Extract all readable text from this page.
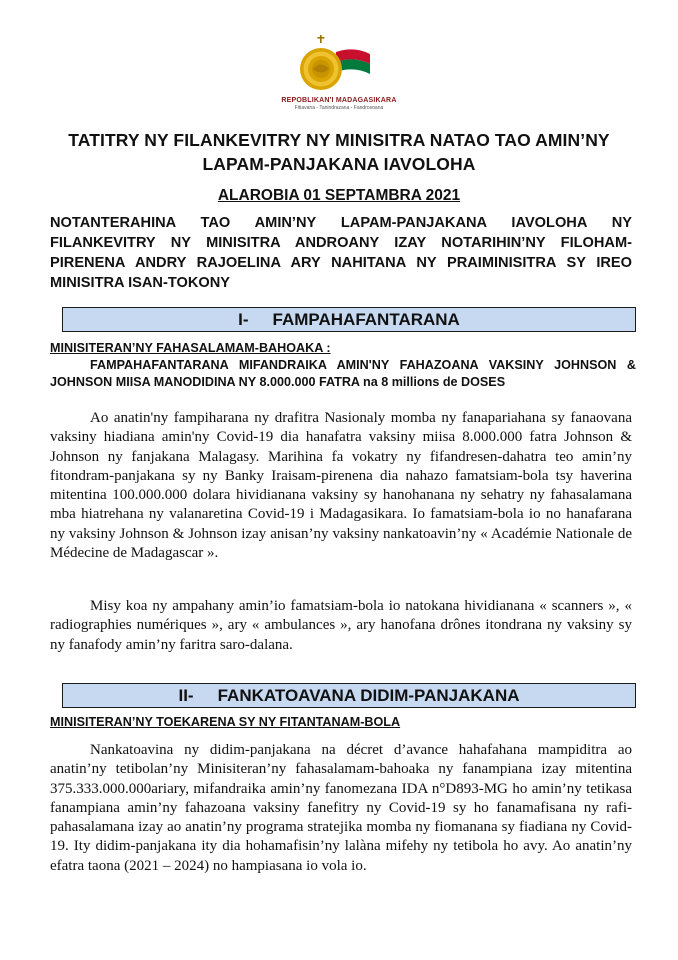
REPOBLIKAN'I MADAGASIKARA
Fitiavana - Tanindrazana - Fandrosoana
TATITRY NY FILANKEVITRY NY MINISITRA NATAO TAO AMIN’NY LAPAM-PANJAKANA IAVOLOHA
ALAROBIA 01 SEPTAMBRA 2021
NOTANTERAHINA TAO AMIN’NY LAPAM-PANJAKANA IAVOLOHA NY FILANKEVITRY NY MINISITRA ANDROANY IZAY NOTARIHIN’NY FILOHAM-PIRENENA ANDRY RAJOELINA ARY NAHITANA NY PRAIMINISITRA SY IREO MINISITRA ISAN-TOKONY
I- FAMPAHAFANTARANA
MINISITERAN’NY FAHASALAMAM-BAHOAKA :
FAMPAHAFANTARANA MIFANDRAIKA AMIN'NY FAHAZOANA VAKSINY JOHNSON & JOHNSON MIISA MANODIDINA NY 8.000.000 FATRA na 8 millions de DOSES

Ao anatin'ny fampiharana ny drafitra Nasionaly momba ny fanapariahana sy fanaovana vaksiny hiadiana amin'ny Covid-19 dia hanafatra vaksiny miisa 8.000.000 fatra Johnson & Johnson ny fanjakana Malagasy. Marihina fa vokatry ny fifandresen-dahatra teo amin’ny fitondram-panjakana sy ny Banky Iraisam-pirenena dia nahazo famatsiam-bola tsy haverina mitentina 100.000.000 dolara hividianana vaksiny sy hanohanana ny sehatry ny fahasalamana mba hiatrehana ny valanaretina Covid-19 i Madagasikara. Io famatsiam-bola io no hanafarana ny vaksiny Johnson & Johnson izay anisan’ny vaksiny nankatoavin’ny « Académie Nationale de Médecine de Madagascar ».

Misy koa ny ampahany amin’io famatsiam-bola io natokana hividianana « scanners », « radiographies numériques », ary « ambulances », ary hanofana drônes itondrana ny vaksiny sy ny fanafody amin’ny faritra saro-dalana.

II- FANKATOAVANA DIDIM-PANJAKANA
MINISITERAN’NY TOEKARENA SY NY FITANTANAM-BOLA

Nankatoavina ny didim-panjakana na décret d’avance hahafahana mampiditra ao anatin’ny tetibolan’ny Minisiteran’ny fahasalamam-bahoaka ny fanampiana izay mitentina 375.333.000.000ariary, mifandraika amin’ny fanomezana IDA n°D893-MG ho amin’ny tetikasa fanampiana amin’ny fahazoana vaksiny fanefitry ny Covid-19 sy ho fanamafisana ny rafi-pahasalamana izay ao anatin’ny programa stratejika momba ny fiomanana sy fiadiana ny Covid-19. Ity didim-panjakana ity dia hohamafisin’ny lalàna mifehy ny tetibola ho avy. Ao anatin’ny efatra taona (2021 – 2024) no hampiasana io vola io.
